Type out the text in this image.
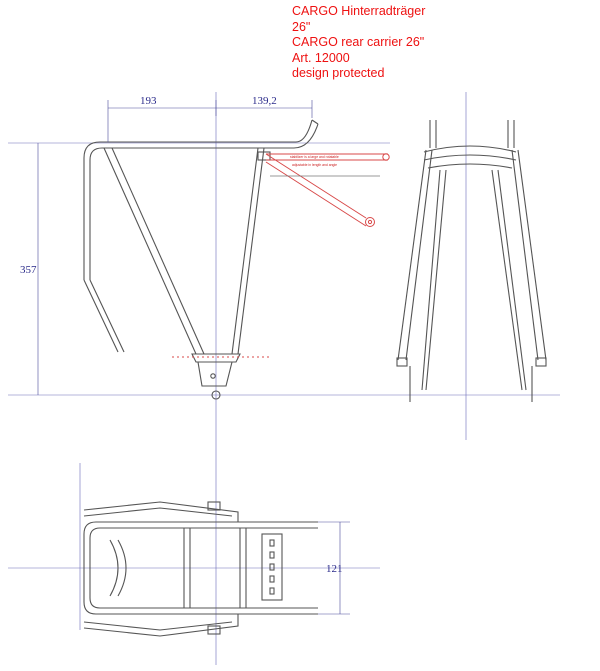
CARGO Hinterradträger
26"
CARGO rear carrier 26"
Art. 12000
design protected
stabilizer is a large and rotatable
adjustable in length and angle
193	139,2
357
121
